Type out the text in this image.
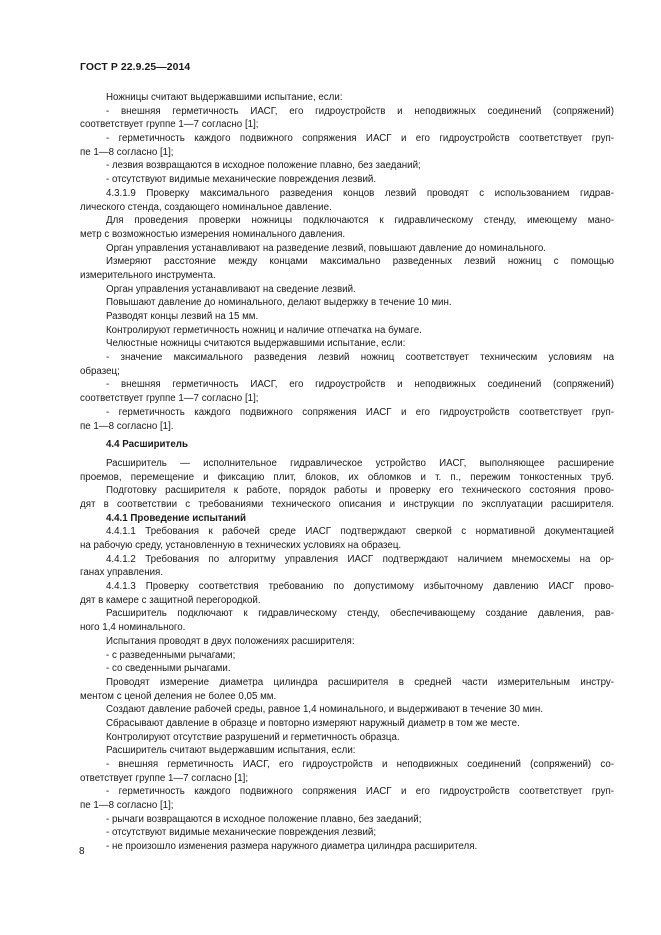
ГОСТ Р 22.9.25—2014
Ножницы считают выдержавшими испытание, если:
- внешняя герметичность ИАСГ, его гидроустройств и неподвижных соединений (сопряжений)
соответствует группе 1—7 согласно [1];
- герметичность каждого подвижного сопряжения ИАСГ и его гидроустройств соответствует груп-
пе 1—8 согласно [1];
- лезвия возвращаются в исходное положение плавно, без заеданий;
- отсутствуют видимые механические повреждения лезвий.
4.3.1.9 Проверку максимального разведения концов лезвий проводят с использованием гидрав-
лического стенда, создающего номинальное давление.
Для проведения проверки ножницы подключаются к гидравлическому стенду, имеющему мано-
метр с возможностью измерения номинального давления.
Орган управления устанавливают на разведение лезвий, повышают давление до номинального.
Измеряют расстояние между концами максимально разведенных лезвий ножниц с помощью
измерительного инструмента.
Орган управления устанавливают на сведение лезвий.
Повышают давление до номинального, делают выдержку в течение 10 мин.
Разводят концы лезвий на 15 мм.
Контролируют герметичность ножниц и наличие отпечатка на бумаге.
Челюстные ножницы считаются выдержавшими испытание, если:
- значение максимального разведения лезвий ножниц соответствует техническим условиям на
образец;
- внешняя герметичность ИАСГ, его гидроустройств и неподвижных соединений (сопряжений)
соответствует группе 1—7 согласно [1];
- герметичность каждого подвижного сопряжения ИАСГ и его гидроустройств соответствует груп-
пе 1—8 согласно [1].
4.4 Расширитель
Расширитель — исполнительное гидравлическое устройство ИАСГ, выполняющее расширение
проемов, перемещение и фиксацию плит, блоков, их обломков и т. п., пережим тонкостенных труб.
Подготовку расширителя к работе, порядок работы и проверку его технического состояния прово-
дят в соответствии с требованиями технического описания и инструкции по эксплуатации расширителя.
4.4.1 Проведение испытаний
4.4.1.1 Требования к рабочей среде ИАСГ подтверждают сверкой с нормативной документацией
на рабочую среду, установленную в технических условиях на образец.
4.4.1.2 Требования по алгоритму управления ИАСГ подтверждают наличием мнемосхемы на ор-
ганах управления.
4.4.1.3 Проверку соответствия требованию по допустимому избыточному давлению ИАСГ прово-
дят в камере с защитной перегородкой.
Расширитель подключают к гидравлическому стенду, обеспечивающему создание давления, рав-
ного 1,4 номинального.
Испытания проводят в двух положениях расширителя:
- с разведенными рычагами;
- со сведенными рычагами.
Проводят измерение диаметра цилиндра расширителя в средней части измерительным инстру-
ментом с ценой деления не более 0,05 мм.
Создают давление рабочей среды, равное 1,4 номинального, и выдерживают в течение 30 мин.
Сбрасывают давление в образце и повторно измеряют наружный диаметр в том же месте.
Контролируют отсутствие разрушений и герметичность образца.
Расширитель считают выдержавшим испытания, если:
- внешняя герметичность ИАСГ, его гидроустройств и неподвижных соединений (сопряжений) со-
ответствует группе 1—7 согласно [1];
- герметичность каждого подвижного сопряжения ИАСГ и его гидроустройств соответствует груп-
пе 1—8 согласно [1];
- рычаги возвращаются в исходное положение плавно, без заеданий;
- отсутствуют видимые механические повреждения лезвий;
- не произошло изменения размера наружного диаметра цилиндра расширителя.
8
